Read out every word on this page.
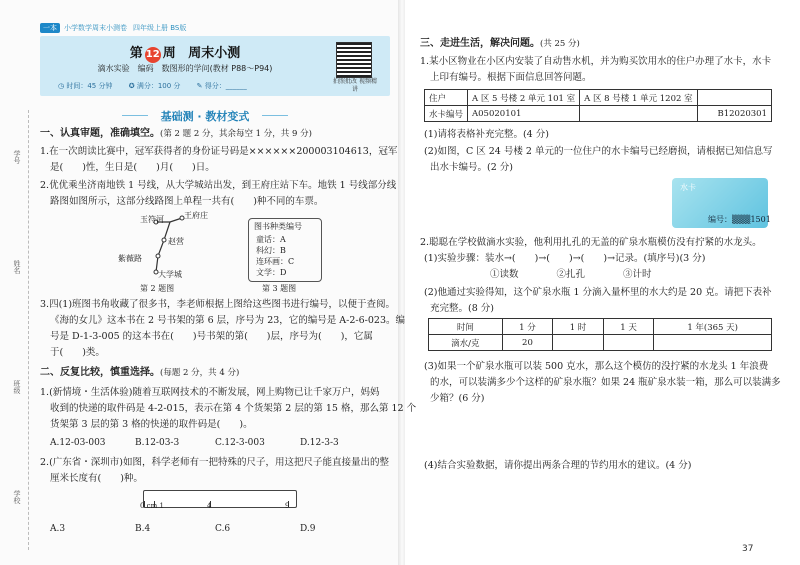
一本	小学数学周末小测卷 四年级上册 BS版
第 12 周 周末小测
滴水实验　编码　数图形的学问(教材 P88～P94)
◷ 时间：45 分钟 ✪ 满分：100 分 ✎ 得分：______
拍照批改 视频精讲
基础测 · 教材变式
学号
姓名
班级
学校
一、认真审题，准确填空。(第 2 题 2 分，其余每空 1 分，共 9 分)
1.在一次朗读比赛中，冠军获得者的身份证号码是××××××200003104613，冠军
是(　　)性，生日是(　　)月(　　)日。
2.优优乘坐济南地铁 1 号线，从大学城站出发，到王府庄站下车。地铁 1 号线部分线
路图如图所示，这部分线路图上单程一共有(　　)种不同的车票。
玉符河	王府庄
赵营
紫薇路
大学城
第 2 题图
图书种类编号
童话：A
科幻：B
连环画：C
文学：D
第 3 题图
3.四(1)班图书角收藏了很多书，李老师根据上图给这些图书进行编号，以便于查阅。
《海的女儿》这本书在 2 号书架的第 6 层，序号为 23，它的编号是 A-2-6-023。编
号是 D-1-3-005 的这本书在(　　)号书架的第(　　)层，序号为(　　)，它属
于(　　)类。
二、反复比较，慎重选择。(每题 2 分，共 4 分)
1.(新情境・生活体验)随着互联网技术的不断发展，网上购物已让千家万户，妈妈
收到的快递的取件码是 4-2-015，表示在第 4 个货架第 2 层的第 15 格，那么第 12 个
货架第 3 层的第 3 格的快递的取件码是(　　)。
A.12-03-003	B.12-03-3	C.12-3-003	D.12-3-3
2.(广东省・深圳市)如图，科学老师有一把特殊的尺子，用这把尺子能直接量出的整
厘米长度有(　　)种。
0 cm 1	4	9
A.3	B.4	C.6	D.9
三、走进生活，解决问题。(共 25 分)
1.某小区物业在小区内安装了自动售水机，并为购买饮用水的住户办理了水卡，水卡
上印有编号。根据下面信息回答问题。
住户	A 区 5 号楼 2 单元 101 室	A 区 8 号楼 1 单元 1202 室	
水卡编号	A05020101		B12020301
(1)请将表格补充完整。(4 分)
(2)如图，C 区 24 号楼 2 单元的一位住户的水卡编号已经磨损，请根据已知信息写
出水卡编号。(2 分)
水卡
编号：▒▒▒1501
2.聪聪在学校做滴水实验，他利用扎孔的无盖的矿泉水瓶模仿没有拧紧的水龙头。
(1)实验步骤：装水→(　　)→(　　)→(　　)→记录。(填序号)(3 分)
①读数　　　　②扎孔　　　　③计时
(2)他通过实验得知，这个矿泉水瓶 1 分滴入量杯里的水大约是 20 克。请把下表补
充完整。(8 分)
时间	1 分	1 时	1 天	1 年(365 天)
滴水/克	20			
(3)如果一个矿泉水瓶可以装 500 克水，那么这个模仿的没拧紧的水龙头 1 年浪费
的水，可以装满多少个这样的矿泉水瓶？如果 24 瓶矿泉水装一箱，那么可以装满多
少箱？(6 分)
(4)结合实验数据，请你提出两条合理的节约用水的建议。(4 分)
37
